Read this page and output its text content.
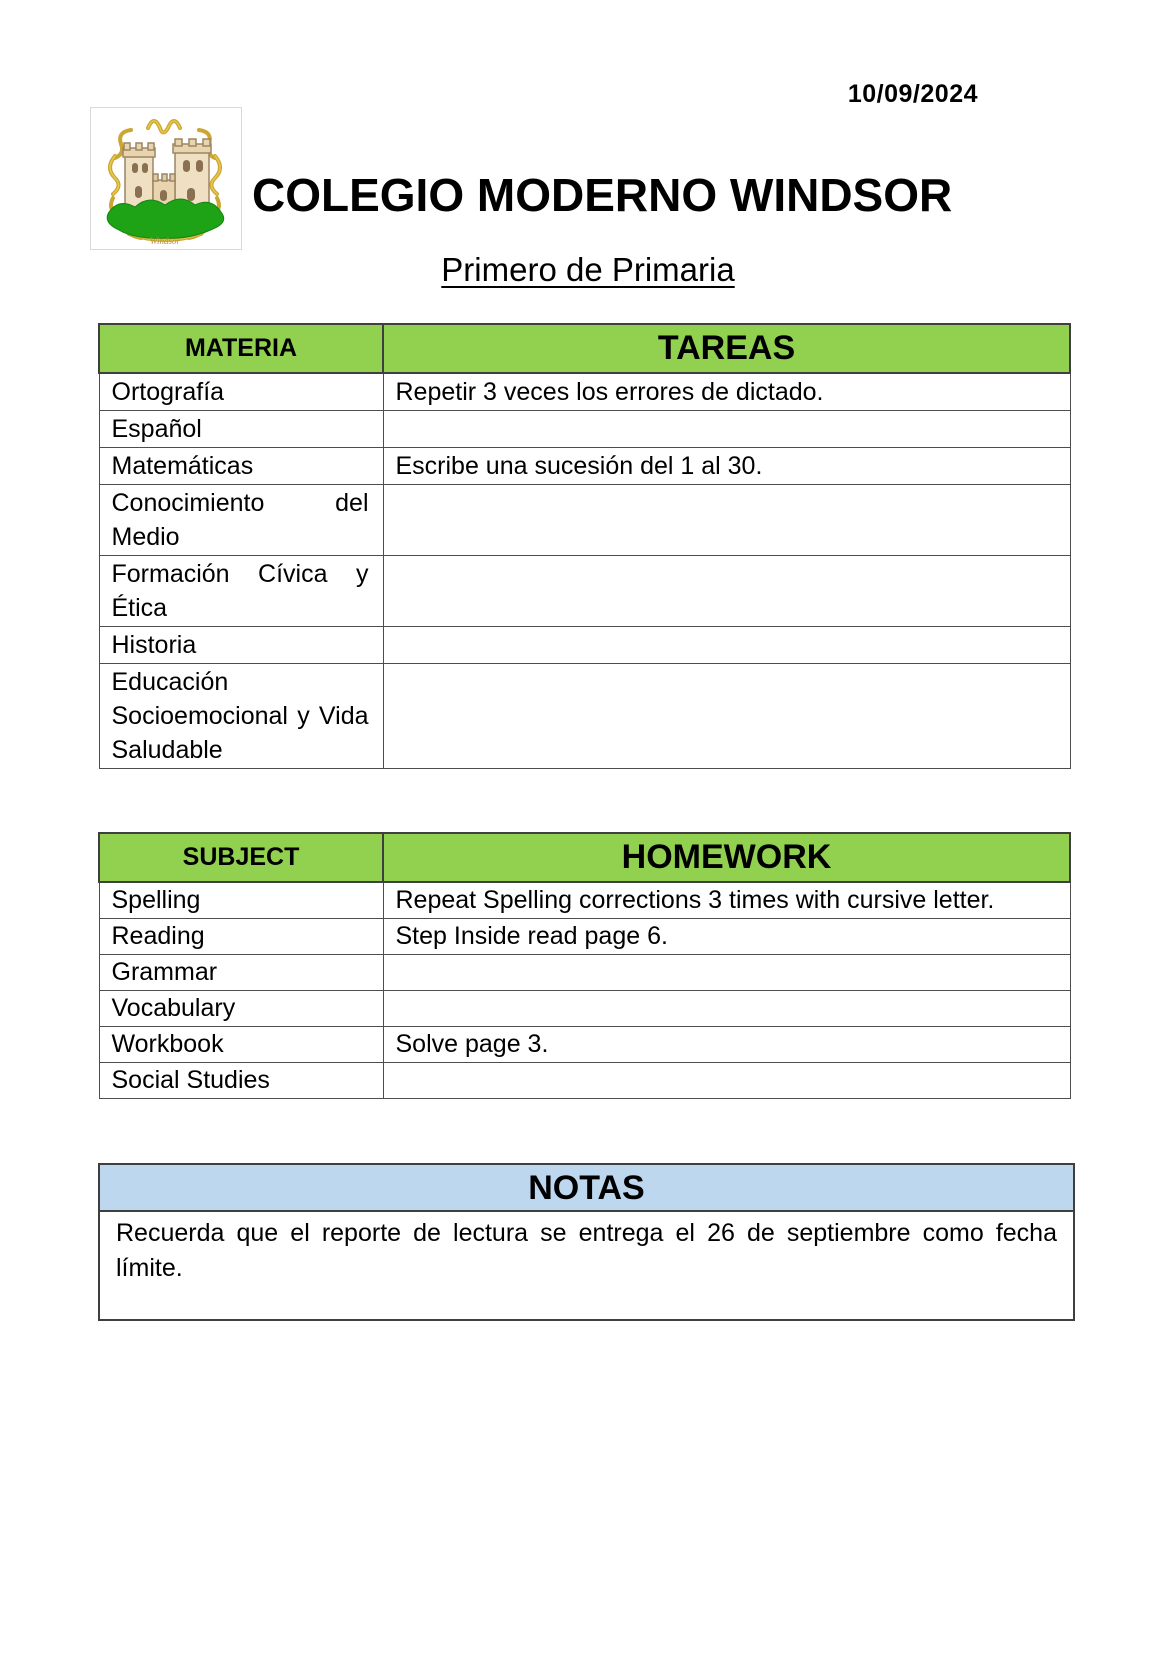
10/09/2024
Windsor
COLEGIO MODERNO WINDSOR
Primero de Primaria
MATERIA	TAREAS
Ortografía	Repetir 3 veces los errores de dictado.
Español	
Matemáticas	Escribe una sucesión del 1 al 30.
Conocimiento del Medio	
Formación Cívica y Ética	
Historia	
Educación Socioemocional y Vida Saludable	
SUBJECT	HOMEWORK
Spelling	Repeat Spelling corrections 3 times with cursive letter.
Reading	Step Inside read page 6.
Grammar	
Vocabulary	
Workbook	Solve page 3.
Social Studies	
NOTAS
Recuerda que el reporte de lectura se entrega el 26 de septiembre como fecha límite.
